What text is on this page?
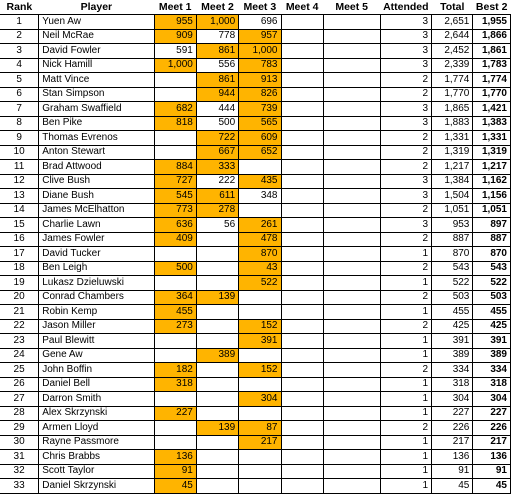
Rank	Player	Meet 1	Meet 2	Meet 3	Meet 4	Meet 5	Attended	Total	Best 2
1	Yuen Aw	955	1,000	696			3	2,651	1,955
2	Neil McRae	909	778	957			3	2,644	1,866
3	David Fowler	591	861	1,000			3	2,452	1,861
4	Nick Hamill	1,000	556	783			3	2,339	1,783
5	Matt Vince		861	913			2	1,774	1,774
6	Stan Simpson		944	826			2	1,770	1,770
7	Graham Swaffield	682	444	739			3	1,865	1,421
8	Ben Pike	818	500	565			3	1,883	1,383
9	Thomas Evrenos		722	609			2	1,331	1,331
10	Anton Stewart		667	652			2	1,319	1,319
11	Brad Attwood	884	333				2	1,217	1,217
12	Clive Bush	727	222	435			3	1,384	1,162
13	Diane Bush	545	611	348			3	1,504	1,156
14	James McElhatton	773	278				2	1,051	1,051
15	Charlie Lawn	636	56	261			3	953	897
16	James Fowler	409		478			2	887	887
17	David Tucker			870			1	870	870
18	Ben Leigh	500		43			2	543	543
19	Lukasz Dzieluwski			522			1	522	522
20	Conrad Chambers	364	139				2	503	503
21	Robin Kemp	455					1	455	455
22	Jason Miller	273		152			2	425	425
23	Paul Blewitt			391			1	391	391
24	Gene Aw		389				1	389	389
25	John Boffin	182		152			2	334	334
26	Daniel Bell	318					1	318	318
27	Darron Smith			304			1	304	304
28	Alex Skrzynski	227					1	227	227
29	Armen Lloyd		139	87			2	226	226
30	Rayne Passmore			217			1	217	217
31	Chris Brabbs	136					1	136	136
32	Scott Taylor	91					1	91	91
33	Daniel Skrzynski	45					1	45	45
